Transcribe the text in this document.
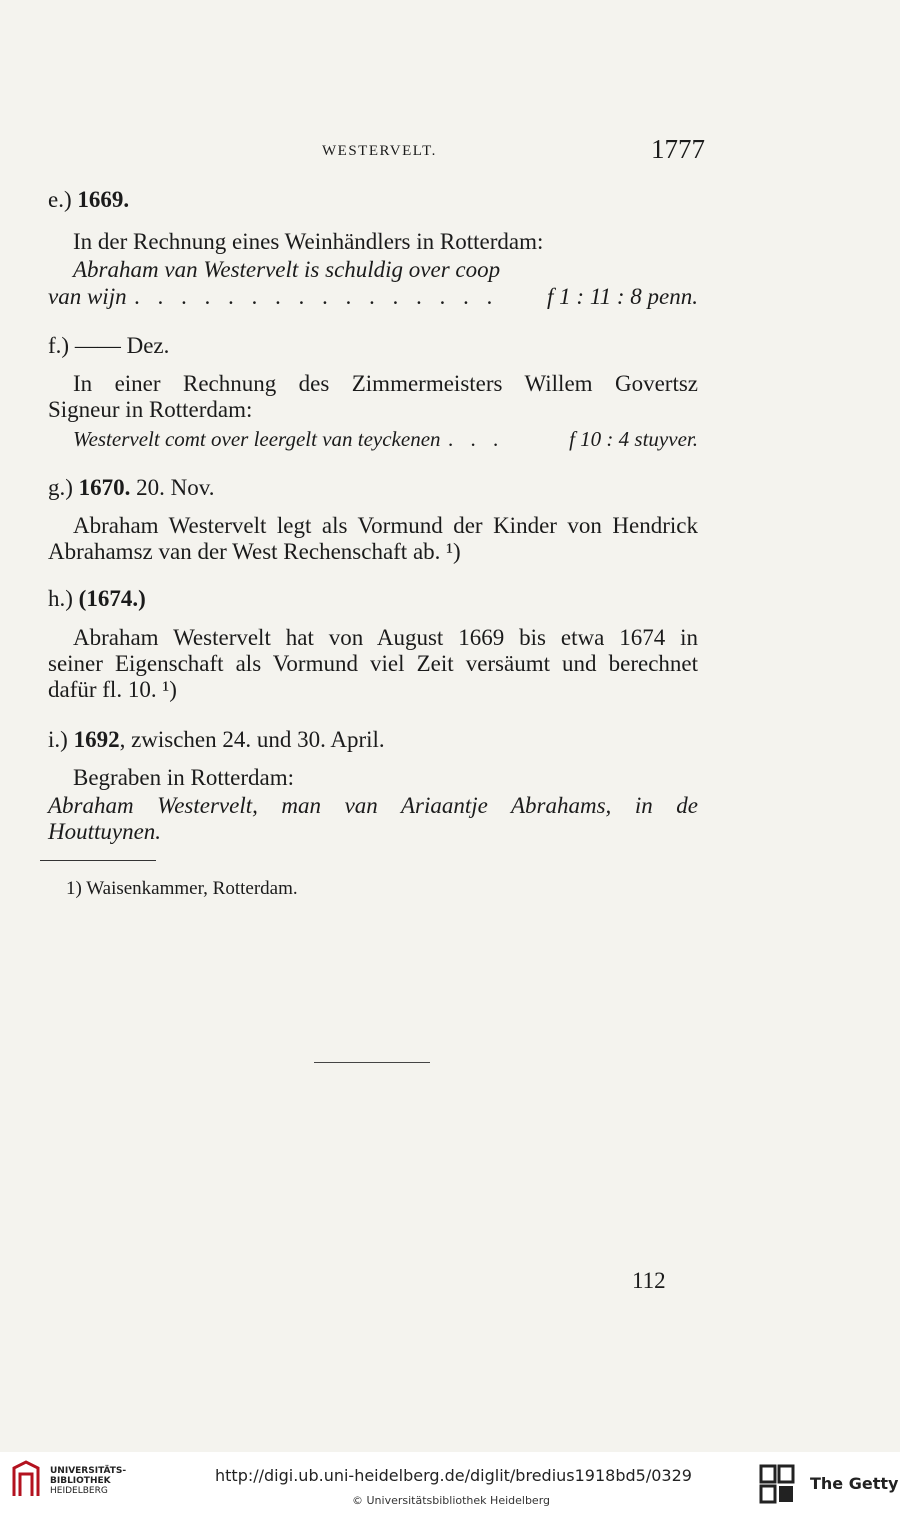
WESTERVELT.	1777
e.) 1669.
In der Rechnung eines Weinhändlers in Rotterdam:
Abraham van Westervelt is schuldig over coop
van wijn . . . . . . . . . . . . . . . .	f 1 : 11 : 8 penn.
f.) —— Dez.
In einer Rechnung des Zimmermeisters Willem Govertsz
Signeur in Rotterdam:
Westervelt comt over leergelt van teyckenen . . .	f 10 : 4 stuyver.
g.) 1670. 20. Nov.
Abraham Westervelt legt als Vormund der Kinder von Hendrick
Abrahamsz van der West Rechenschaft ab. ¹)
h.) (1674.)
Abraham Westervelt hat von August 1669 bis etwa 1674 in
seiner Eigenschaft als Vormund viel Zeit versäumt und berechnet
dafür fl. 10. ¹)
i.) 1692, zwischen 24. und 30. April.
Begraben in Rotterdam:
Abraham Westervelt, man van Ariaantje Abrahams, in de
Houttuynen.
1) Waisenkammer, Rotterdam.
112
UNIVERSITÄTS-
BIBLIOTHEK
HEIDELBERG
http://digi.ub.uni-heidelberg.de/diglit/bredius1918bd5/0329
© Universitätsbibliothek Heidelberg
The Getty
